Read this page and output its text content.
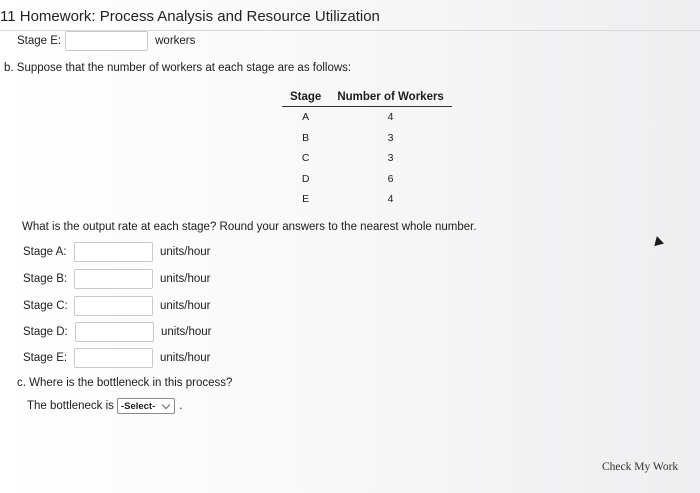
11 Homework: Process Analysis and Resource Utilization
Stage E:	workers
b. Suppose that the number of workers at each stage are as follows:
Stage	Number of Workers
A	4
B	3
C	3
D	6
E	4
What is the output rate at each stage? Round your answers to the nearest whole number.
Stage A:	units/hour
Stage B:	units/hour
Stage C:	units/hour
Stage D:	units/hour
Stage E:	units/hour
c. Where is the bottleneck in this process?
The bottleneck is -Select- .
Check My Work
